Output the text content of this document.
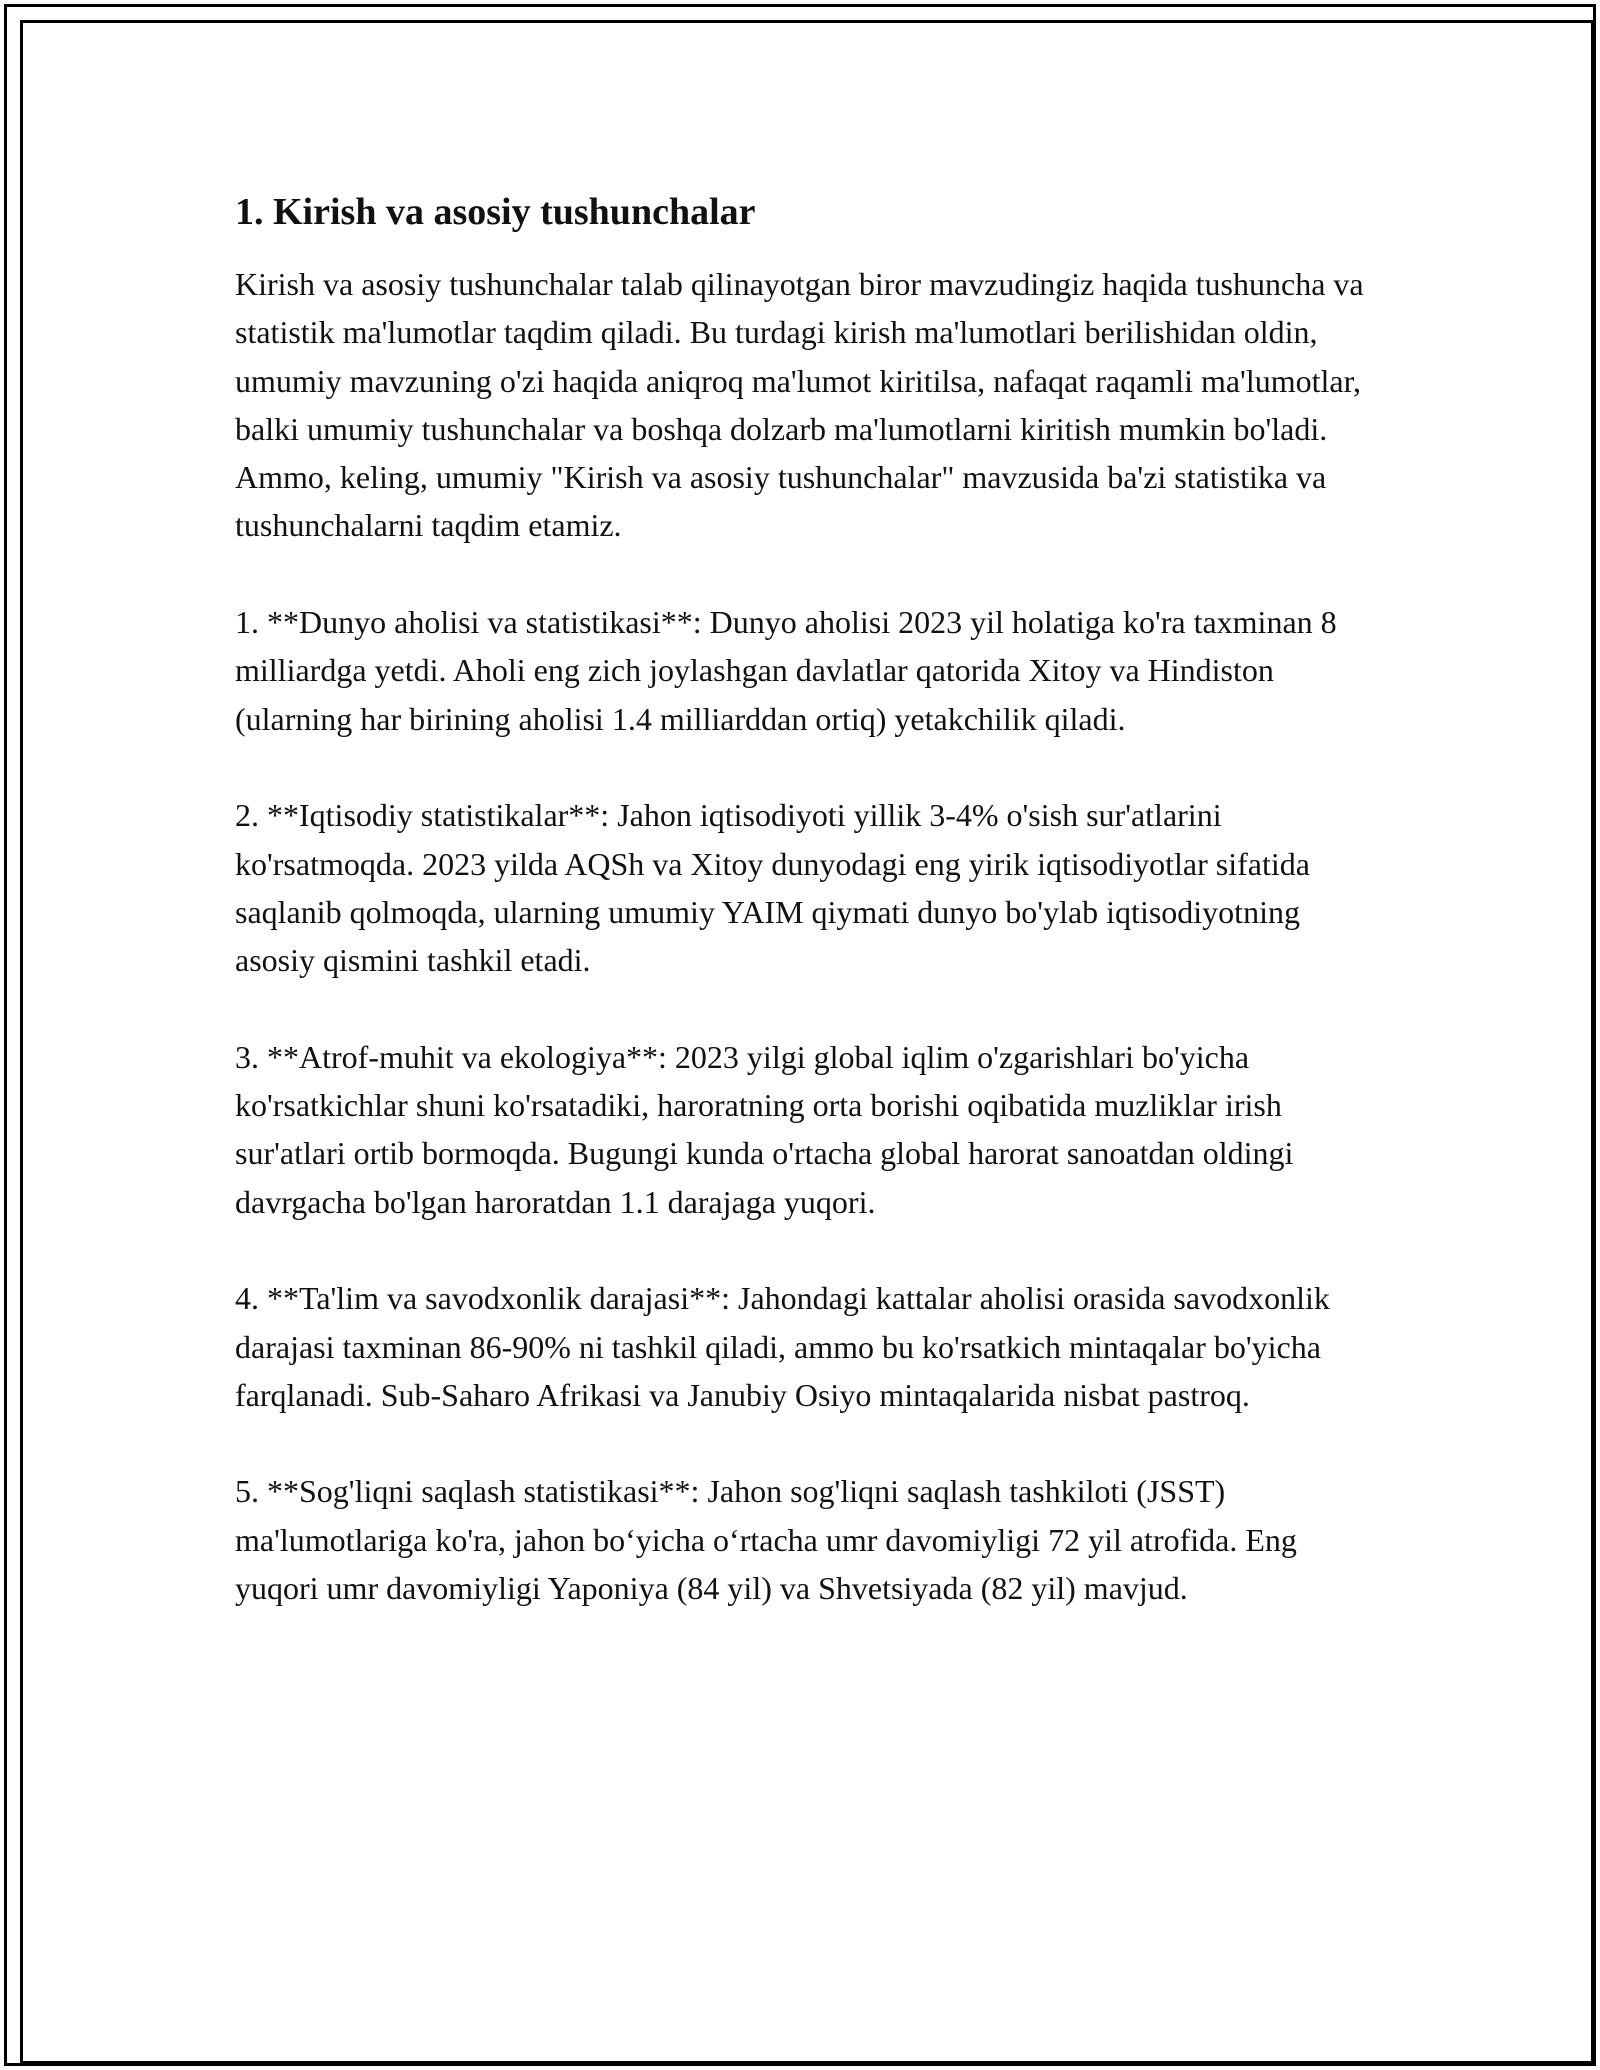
1. Kirish va asosiy tushunchalar

Kirish va asosiy tushunchalar talab qilinayotgan biror mavzudingiz haqida tushuncha va statistik ma'lumotlar taqdim qiladi. Bu turdagi kirish ma'lumotlari berilishidan oldin, umumiy mavzuning o'zi haqida aniqroq ma'lumot kiritilsa, nafaqat raqamli ma'lumotlar, balki umumiy tushunchalar va boshqa dolzarb ma'lumotlarni kiritish mumkin bo'ladi. Ammo, keling, umumiy "Kirish va asosiy tushunchalar" mavzusida ba'zi statistika va tushunchalarni taqdim etamiz.

1. **Dunyo aholisi va statistikasi**: Dunyo aholisi 2023 yil holatiga ko'ra taxminan 8 milliardga yetdi. Aholi eng zich joylashgan davlatlar qatorida Xitoy va Hindiston (ularning har birining aholisi 1.4 milliarddan ortiq) yetakchilik qiladi.

2. **Iqtisodiy statistikalar**: Jahon iqtisodiyoti yillik 3-4% o'sish sur'atlarini ko'rsatmoqda. 2023 yilda AQSh va Xitoy dunyodagi eng yirik iqtisodiyotlar sifatida saqlanib qolmoqda, ularning umumiy YAIM qiymati dunyo bo'ylab iqtisodiyotning asosiy qismini tashkil etadi.

3. **Atrof-muhit va ekologiya**: 2023 yilgi global iqlim o'zgarishlari bo'yicha ko'rsatkichlar shuni ko'rsatadiki, haroratning orta borishi oqibatida muzliklar irish sur'atlari ortib bormoqda. Bugungi kunda o'rtacha global harorat sanoatdan oldingi davrgacha bo'lgan haroratdan 1.1 darajaga yuqori.

4. **Ta'lim va savodxonlik darajasi**: Jahondagi kattalar aholisi orasida savodxonlik darajasi taxminan 86-90% ni tashkil qiladi, ammo bu ko'rsatkich mintaqalar bo'yicha farqlanadi. Sub-Saharo Afrikasi va Janubiy Osiyo mintaqalarida nisbat pastroq.

5. **Sog'liqni saqlash statistikasi**: Jahon sog'liqni saqlash tashkiloti (JSST) ma'lumotlariga ko'ra, jahon bo‘yicha o‘rtacha umr davomiyligi 72 yil atrofida. Eng yuqori umr davomiyligi Yaponiya (84 yil) va Shvetsiyada (82 yil) mavjud.
